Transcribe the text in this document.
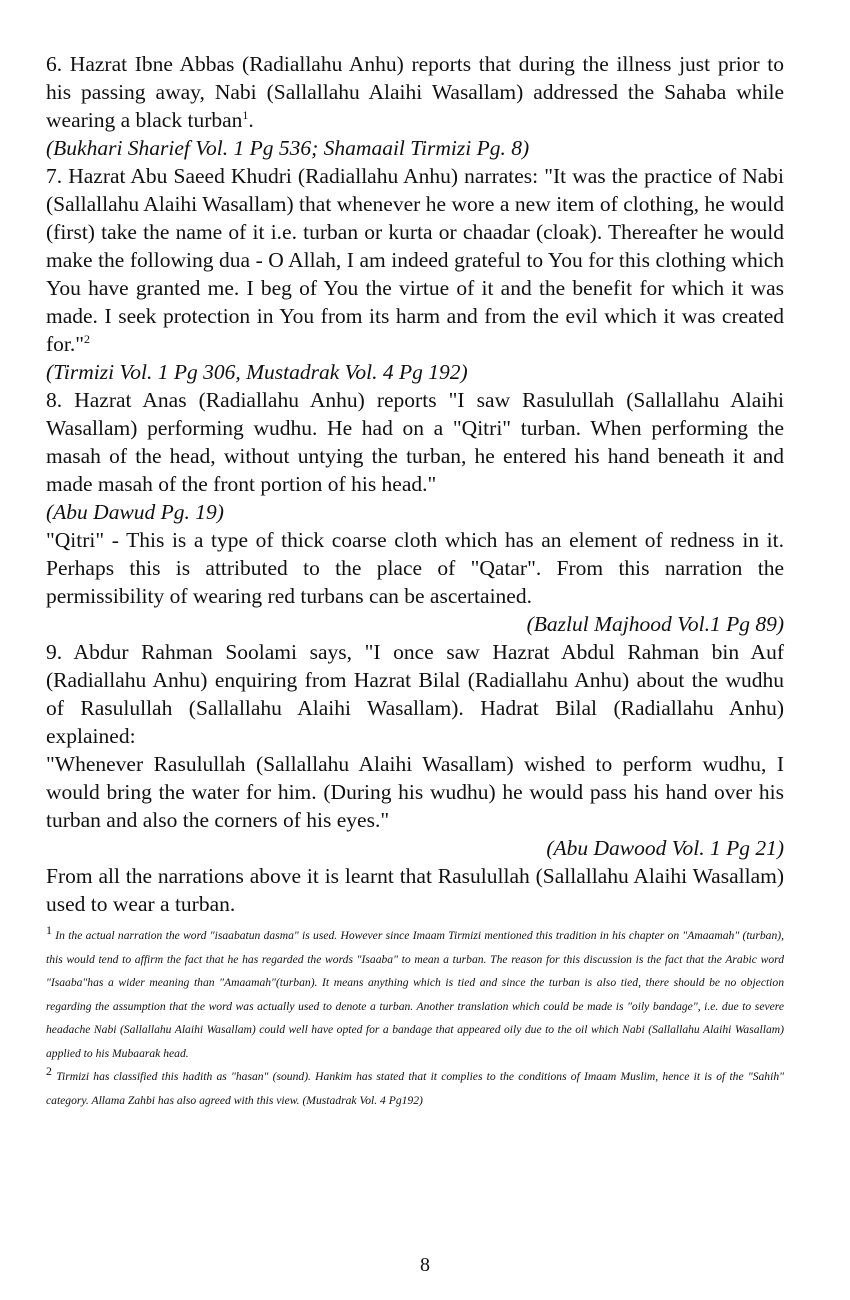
6. Hazrat Ibne Abbas (Radiallahu Anhu) reports that during the illness just prior to his passing away, Nabi (Sallallahu Alaihi Wasallam) addressed the Sahaba while wearing a black turban$^1$.

(Bukhari Sharief Vol. 1 Pg 536; Shamaail Tirmizi Pg. 8)

7. Hazrat Abu Saeed Khudri (Radiallahu Anhu) narrates: "It was the practice of Nabi (Sallallahu Alaihi Wasallam) that whenever he wore a new item of clothing, he would (first) take the name of it i.e. turban or kurta or chaadar (cloak). Thereafter he would make the following dua - O Allah, I am indeed grateful to You for this clothing which You have granted me. I beg of You the virtue of it and the benefit for which it was made. I seek protection in You from its harm and from the evil which it was created for."$^2$

(Tirmizi Vol. 1 Pg 306, Mustadrak Vol. 4 Pg 192)

8. Hazrat Anas (Radiallahu Anhu) reports "I saw Rasulullah (Sallallahu Alaihi Wasallam) performing wudhu. He had on a "Qitri" turban. When performing the masah of the head, without untying the turban, he entered his hand beneath it and made masah of the front portion of his head."

(Abu Dawud Pg. 19)

"Qitri" - This is a type of thick coarse cloth which has an element of redness in it. Perhaps this is attributed to the place of "Qatar". From this narration the permissibility of wearing red turbans can be ascertained.

(Bazlul Majhood Vol.1 Pg 89)

9. Abdur Rahman Soolami says, "I once saw Hazrat Abdul Rahman bin Auf (Radiallahu Anhu) enquiring from Hazrat Bilal (Radiallahu Anhu) about the wudhu of Rasulullah (Sallallahu Alaihi Wasallam). Hadrat Bilal (Radiallahu Anhu) explained:

"Whenever Rasulullah (Sallallahu Alaihi Wasallam) wished to perform wudhu, I would bring the water for him. (During his wudhu) he would pass his hand over his turban and also the corners of his eyes."

(Abu Dawood Vol. 1 Pg 21)

From all the narrations above it is learnt that Rasulullah (Sallallahu Alaihi Wasallam) used to wear a turban.

$^1$ In the actual narration the word "isaabatun dasma" is used. However since Imaam Tirmizi mentioned this tradition in his chapter on "Amaamah" (turban), this would tend to affirm the fact that he has regarded the words "Isaaba" to mean a turban. The reason for this discussion is the fact that the Arabic word "Isaaba"has a wider meaning than "Amaamah"(turban). It means anything which is tied and since the turban is also tied, there should be no objection regarding the assumption that the word was actually used to denote a turban. Another translation which could be made is "oily bandage", i.e. due to severe headache Nabi (Sallallahu Alaihi Wasallam) could well have opted for a bandage that appeared oily due to the oil which Nabi (Sallallahu Alaihi Wasallam) applied to his Mubaarak head.

$^2$ Tirmizi has classified this hadith as "hasan" (sound). Hankim has stated that it complies to the conditions of Imaam Muslim, hence it is of the "Sahih" category. Allama Zahbi has also agreed with this view. (Mustadrak Vol. 4 Pg192)

8
